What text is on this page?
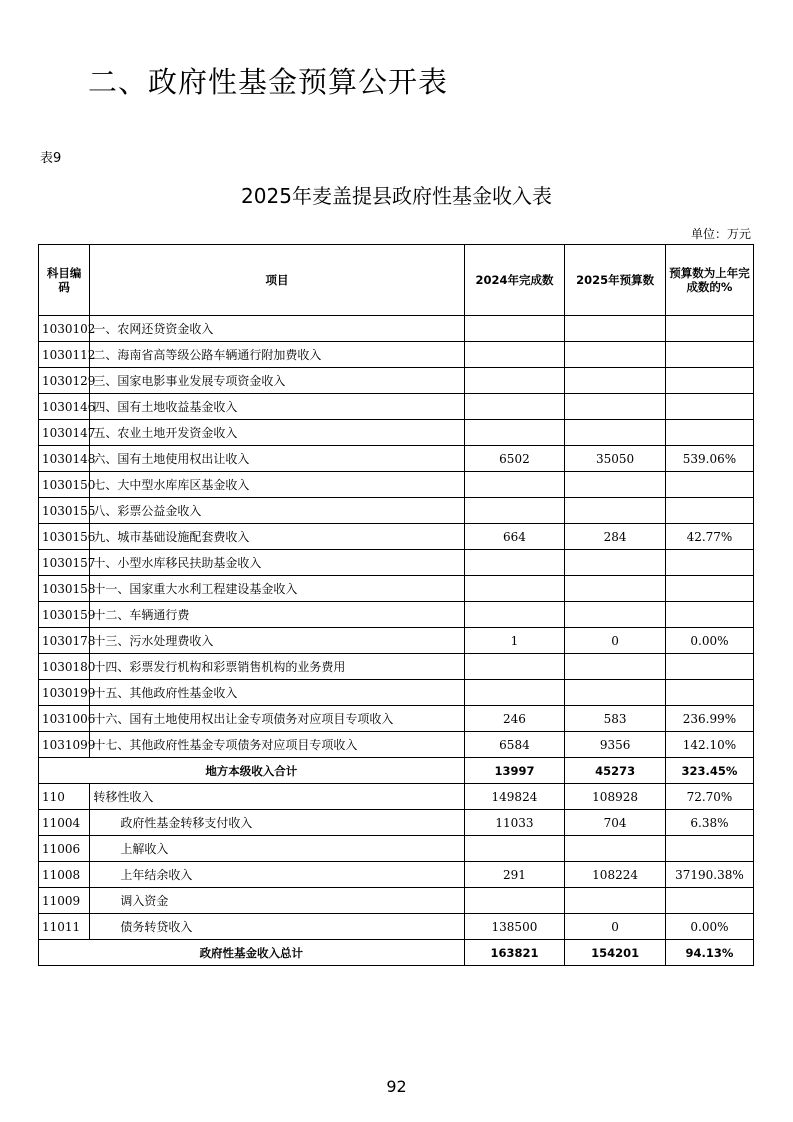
二、政府性基金预算公开表
表9
2025年麦盖提县政府性基金收入表
单位：万元
科目编码	项目	2024年完成数	2025年预算数	预算数为上年完成数的%
1030102	一、农网还贷资金收入			
1030112	二、海南省高等级公路车辆通行附加费收入			
1030129	三、国家电影事业发展专项资金收入			
1030146	四、国有土地收益基金收入			
1030147	五、农业土地开发资金收入			
1030148	六、国有土地使用权出让收入	6502	35050	539.06%
1030150	七、大中型水库库区基金收入			
1030155	八、彩票公益金收入			
1030156	九、城市基础设施配套费收入	664	284	42.77%
1030157	十、小型水库移民扶助基金收入			
1030158	十一、国家重大水利工程建设基金收入			
1030159	十二、车辆通行费			
1030178	十三、污水处理费收入	1	0	0.00%
1030180	十四、彩票发行机构和彩票销售机构的业务费用			
1030199	十五、其他政府性基金收入			
1031006	十六、国有土地使用权出让金专项债务对应项目专项收入	246	583	236.99%
1031099	十七、其他政府性基金专项债务对应项目专项收入	6584	9356	142.10%
地方本级收入合计		13997	45273	323.45%
110	转移性收入	149824	108928	72.70%
11004	政府性基金转移支付收入	11033	704	6.38%
11006	上解收入			
11008	上年结余收入	291	108224	37190.38%
11009	调入资金			
11011	债务转贷收入	138500	0	0.00%
政府性基金收入总计		163821	154201	94.13%
92
